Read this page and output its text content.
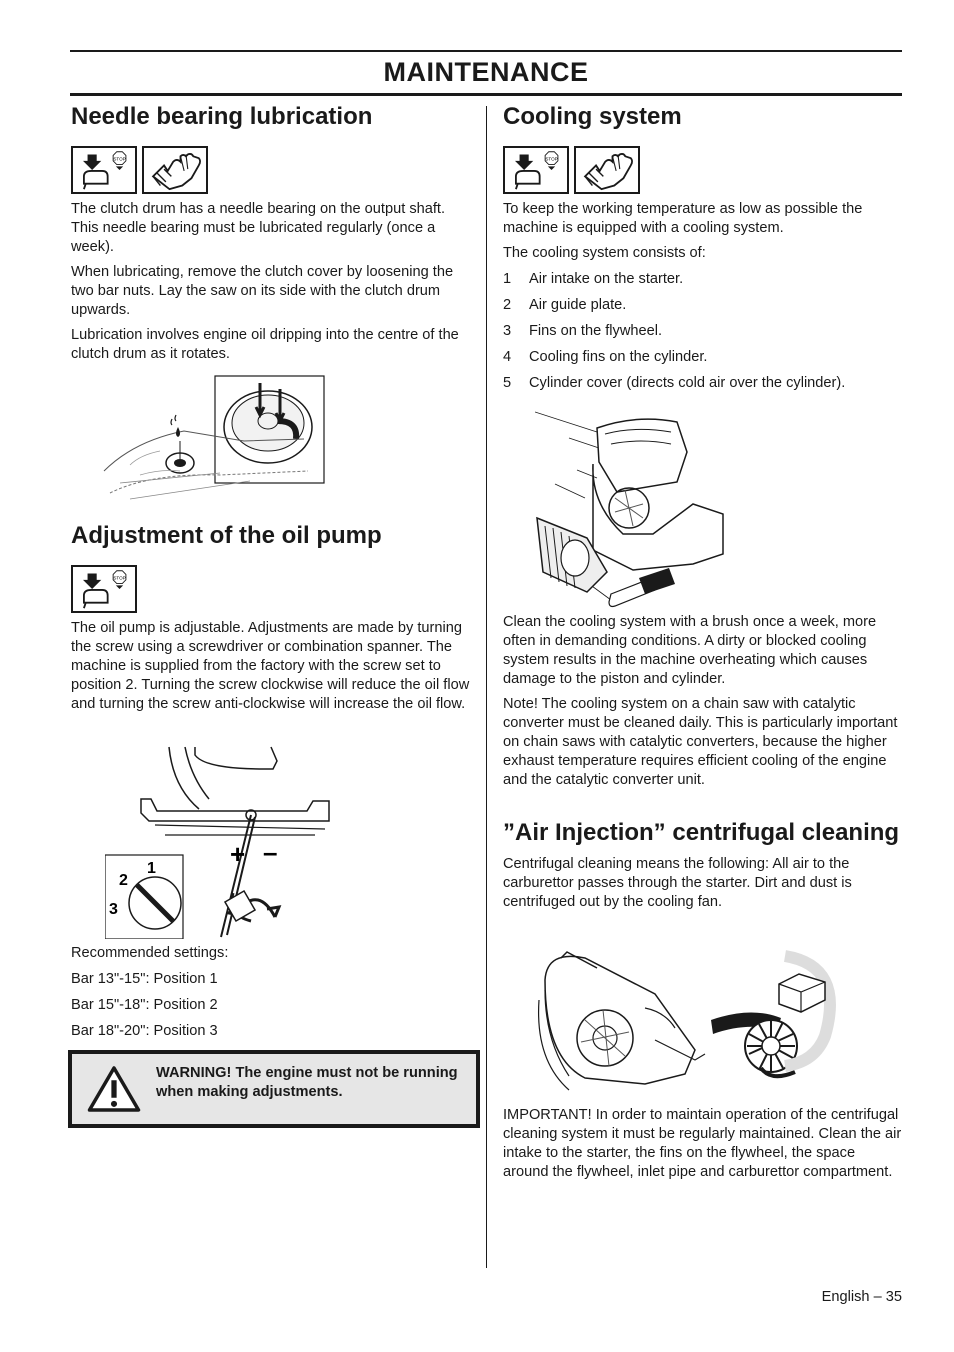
MAINTENANCE
Needle bearing lubrication
STOP

The clutch drum has a needle bearing on the output shaft. This needle bearing must be lubricated regularly (once a week).

When lubricating, remove the clutch cover by loosening the two bar nuts. Lay the saw on its side with the clutch drum upwards.

Lubrication involves engine oil dripping into the centre of the clutch drum as it rotates.

Adjustment of the oil pump
STOP

The oil pump is adjustable. Adjustments are made by turning the screw using a screwdriver or combination spanner. The machine is supplied from the factory with the screw set to position 2. Turning the screw clockwise will reduce the oil flow and turning the screw anti-clockwise will increase the oil flow.

+ –
1
2
3

Recommended settings:

Bar 13"-15": Position 1

Bar 15"-18": Position 2

Bar 18"-20": Position 3

WARNING! The engine must not be running when making adjustments.
Cooling system
STOP

To keep the working temperature as low as possible the machine is equipped with a cooling system.

The cooling system consists of:

1	Air intake on the starter.
2	Air guide plate.
3	Fins on the flywheel.
4	Cooling fins on the cylinder.
5	Cylinder cover (directs cold air over the cylinder).

Clean the cooling system with a brush once a week, more often in demanding conditions. A dirty or blocked cooling system results in the machine overheating which causes damage to the piston and cylinder.

Note! The cooling system on a chain saw with catalytic converter must be cleaned daily. This is particularly important on chain saws with catalytic converters, because the higher exhaust temperature requires efficient cooling of the engine and the catalytic converter unit.

”Air Injection” centrifugal cleaning

Centrifugal cleaning means the following: All air to the carburettor passes through the starter. Dirt and dust is centrifuged out by the cooling fan.

IMPORTANT! In order to maintain operation of the centrifugal cleaning system it must be regularly maintained. Clean the air intake to the starter, the fins on the flywheel, the space around the flywheel, inlet pipe and carburettor compartment.

English – 35
